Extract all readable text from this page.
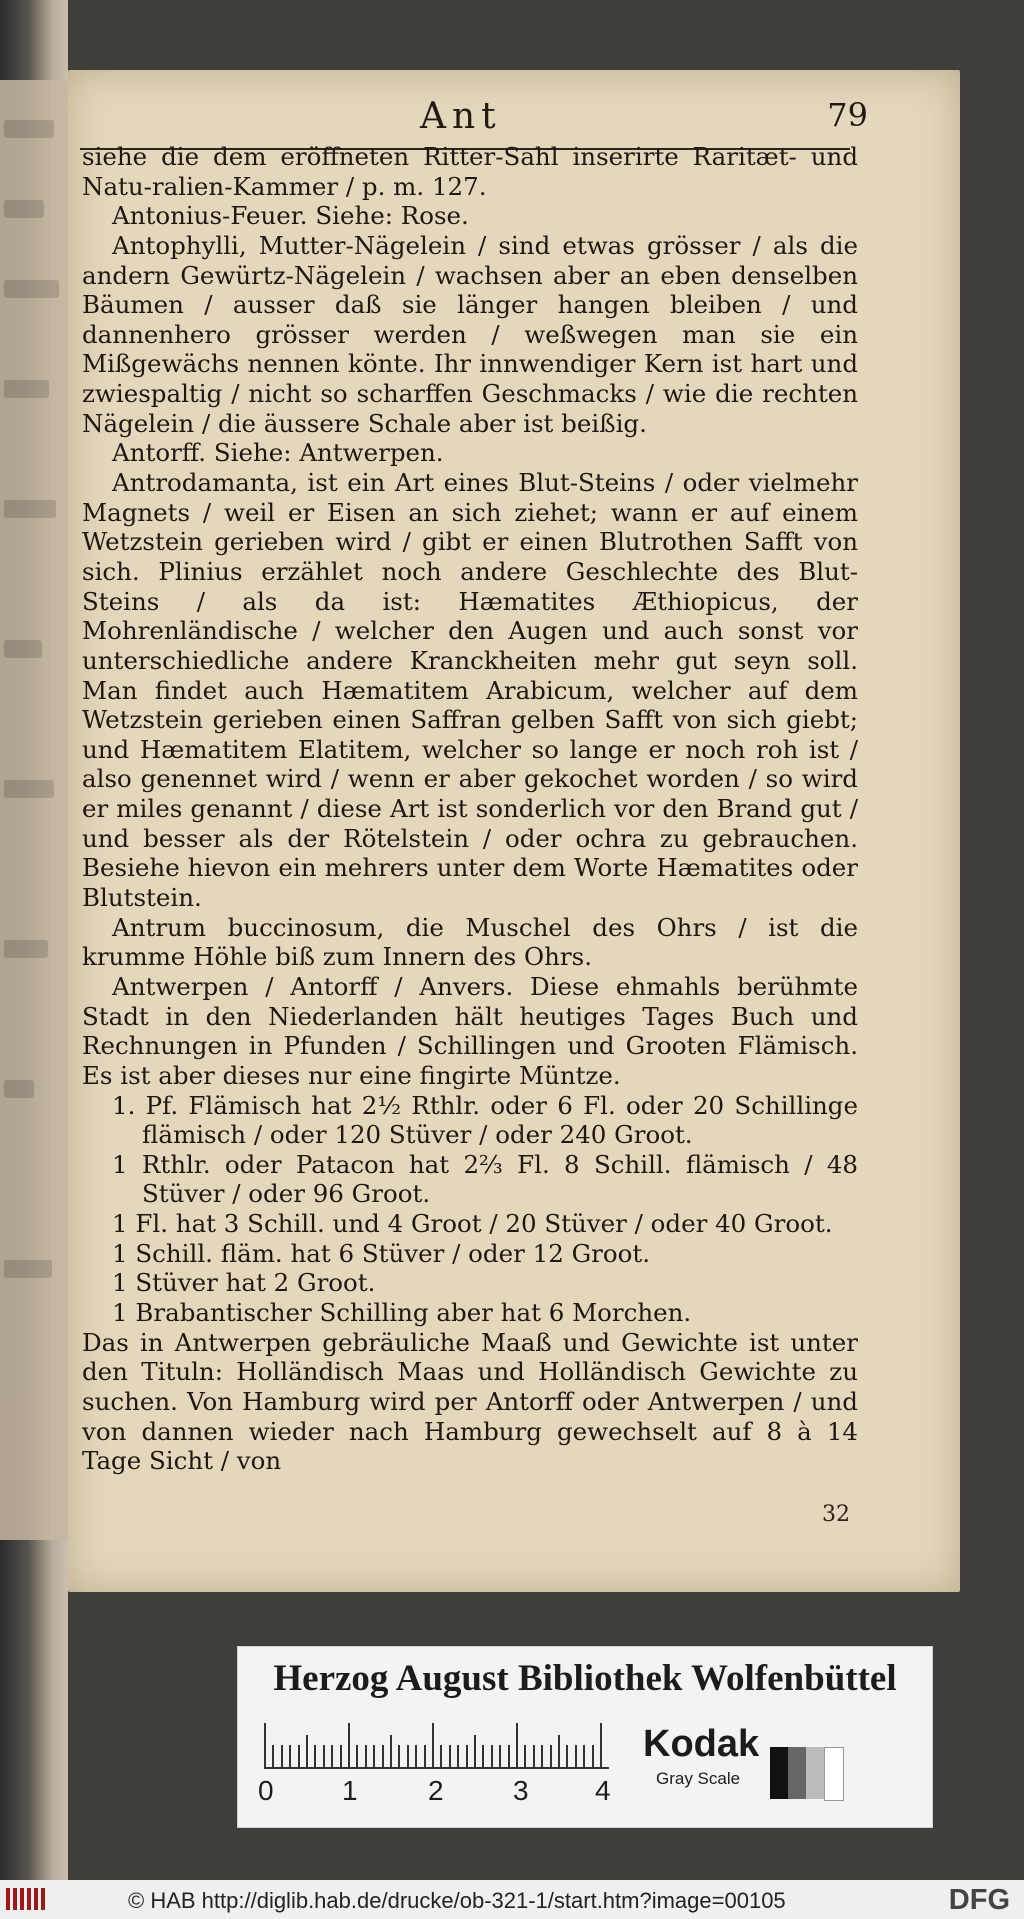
Ant	79

siehe die dem eröffneten Ritter-Sahl inserirte Raritæt- und Natu-ralien-Kammer / p. m. 127.

Antonius-Feuer. Siehe: Rose.

Antophylli, Mutter-Nägelein / sind etwas grösser / als die andern Gewürtz-Nägelein / wachsen aber an eben denselben Bäumen / ausser daß sie länger hangen bleiben / und dannenhero grösser werden / weßwegen man sie ein Mißgewächs nennen könte. Ihr innwendiger Kern ist hart und zwiespaltig / nicht so scharffen Geschmacks / wie die rechten Nägelein / die äussere Schale aber ist beißig.

Antorff. Siehe: Antwerpen.

Antrodamanta, ist ein Art eines Blut-Steins / oder vielmehr Magnets / weil er Eisen an sich ziehet; wann er auf einem Wetzstein gerieben wird / gibt er einen Blutrothen Safft von sich. Plinius erzählet noch andere Geschlechte des Blut-Steins / als da ist: Hæmatites Æthiopicus, der Mohrenländische / welcher den Augen und auch sonst vor unterschiedliche andere Kranckheiten mehr gut seyn soll. Man findet auch Hæmatitem Arabicum, welcher auf dem Wetzstein gerieben einen Saffran gelben Safft von sich giebt; und Hæmatitem Elatitem, welcher so lange er noch roh ist / also genennet wird / wenn er aber gekochet worden / so wird er miles genannt / diese Art ist sonderlich vor den Brand gut / und besser als der Rötelstein / oder ochra zu gebrauchen. Besiehe hievon ein mehrers unter dem Worte Hæmatites oder Blutstein.

Antrum buccinosum, die Muschel des Ohrs / ist die krumme Höhle biß zum Innern des Ohrs.

Antwerpen / Antorff / Anvers. Diese ehmahls berühmte Stadt in den Niederlanden hält heutiges Tages Buch und Rechnungen in Pfunden / Schillingen und Grooten Flämisch. Es ist aber dieses nur eine fingirte Müntze.

1. Pf. Flämisch hat 2½ Rthlr. oder 6 Fl. oder 20 Schillinge flämisch / oder 120 Stüver / oder 240 Groot.

1 Rthlr. oder Patacon hat 2⅔ Fl. 8 Schill. flämisch / 48 Stüver / oder 96 Groot.

1 Fl. hat 3 Schill. und 4 Groot / 20 Stüver / oder 40 Groot.

1 Schill. fläm. hat 6 Stüver / oder 12 Groot.

1 Stüver hat 2 Groot.

1 Brabantischer Schilling aber hat 6 Morchen.

Das in Antwerpen gebräuliche Maaß und Gewichte ist unter den Tituln: Holländisch Maas und Holländisch Gewichte zu suchen. Von Hamburg wird per Antorff oder Antwerpen / und von dannen wieder nach Hamburg gewechselt auf 8 à 14 Tage Sicht / von

32
Herzog August Bibliothek Wolfenbüttel
0 1	2 3 4
Kodak
Gray Scale
© HAB http://diglib.hab.de/drucke/ob-321-1/start.htm?image=00105	DFG
